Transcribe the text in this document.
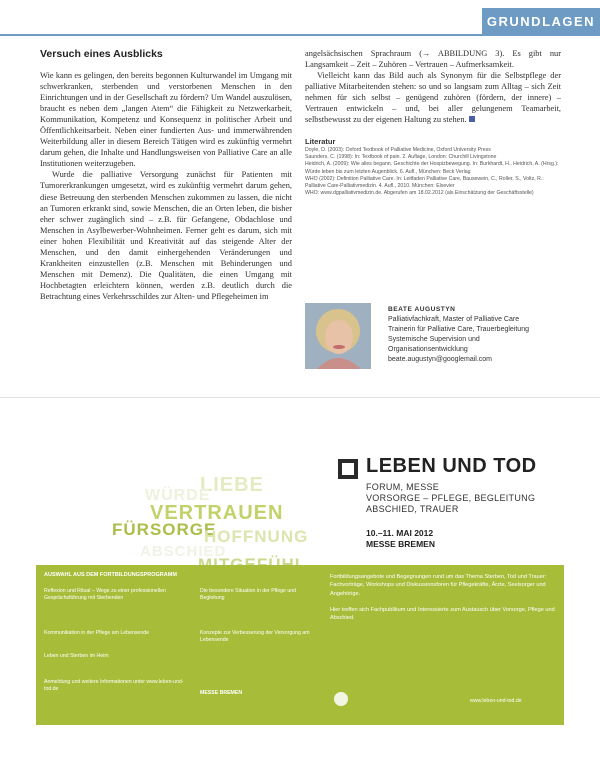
GRUNDLAGEN
Versuch eines Ausblicks

Wie kann es gelingen, den bereits begonnen Kulturwandel im Umgang mit schwerkranken, sterbenden und verstorbenen Menschen in den Einrichtungen und in der Gesellschaft zu fördern? Um Wandel auszulösen, braucht es neben dem „langen Atem“ die Fähigkeit zu Netzwerkarbeit, Kommunikation, Kompetenz und Konsequenz in politischer Arbeit und Öffentlichkeitsarbeit. Neben einer fundierten Aus- und immerwährenden Weiterbildung aller in diesem Bereich Tätigen wird es zukünftig vermehrt darum gehen, die Inhalte und Handlungsweisen von Palliative Care an alle Institutionen weiterzugeben.

Wurde die palliative Versorgung zunächst für Patienten mit Tumorerkrankungen umgesetzt, wird es zukünftig vermehrt darum gehen, diese Betreuung den sterbenden Menschen zukommen zu lassen, die nicht an Tumoren erkrankt sind, sowie Menschen, die an Orten leben, die bisher eher schwer zugänglich sind – z.B. für Gefangene, Obdachlose und Menschen in Asylbewerber-Wohnheimen. Ferner geht es darum, sich mit einer hohen Flexibilität und Kreativität auf das steigende Alter der Menschen, und den damit einhergehenden Veränderungen und Krankheiten einzustellen (z.B. Menschen mit Behinderungen und Menschen mit Demenz). Die Qualitäten, die einen Umgang mit Hochbetagten erleichtern können, werden z.B. deutlich durch die Betrachtung eines Verkehrsschildes zur Alten- und Pflegeheimen im

angelsächsischen Sprachraum (→ ABBILDUNG 3). Es gibt nur Langsamkeit – Zeit – Zuhören – Vertrauen – Aufmerksamkeit.

Vielleicht kann das Bild auch als Synonym für die Selbstpflege der palliative Mitarbeitenden stehen: so und so langsam zum Alltag – sich Zeit nehmen für sich selbst – genügend zuhören (fördern, der innere) – Vertrauen entwickeln – und, bei aller gelungenem Teamarbeit, selbstbewusst zu der eigenen Haltung zu stehen.

Literatur
Doyle, D. (2003): Oxford Textbook of Palliative Medicine, Oxford University Press
Saunders, C. (1998): In: Textbook of pain. 2. Auflage, London: Churchill Livingstone
Heidrich, A. (2009): Wie alles begann. Geschichte der Hospizbewegung. In: Burkhardt, H., Heidrich, A. (Hrsg.): Würde leben bis zum letzten Augenblick. 6. Aufl., München: Beck Verlag
WHO (2002): Definition Palliative Care. In: Leitfaden Palliative Care, Bausewein, C., Roller, S., Voltz, R.: Palliative Care-Palliativmedizin. 4. Aufl., 2010. München: Elsevier
WHO: www.dgpalliativmedizin.de. Abgerufen am 18.02.2012 (als Einschätzung der Geschäftsstelle)
BEATE AUGUSTYN
Palliativfachkraft, Master of Palliative Care
Trainerin für Palliative Care, Trauerbegleitung
Systemische Supervision und
Organisationsentwicklung
beate.augustyn@googlemail.com
LEBEN UND TOD
FORUM, MESSE
VORSORGE – PFLEGE, BEGLEITUNG
ABSCHIED, TRAUER
10.–11. MAI 2012
MESSE BREMEN
LIEBE
WÜRDE
VERTRAUEN
FÜRSORGE
HOFFNUNG
ABSCHIED
AUSWAHL AUS DEM FORTBILDUNGSPROGRAMM
Reflexion und Ritual – Wege zu einer professionellen Gesprächsführung mit Sterbenden
Kommunikation in der Pflege am Lebensende
Leben und Sterben im Heim
Anmeldung und weitere Informationen unter www.leben-und-tod.de
Die besondere Situation in der Pflege und Begleitung
Konzepte zur Verbesserung der Versorgung am Lebensende
MESSE BREMEN
Fortbildungsangebote und Begegnungen rund um das Thema Sterben, Tod und Trauer: Fachvorträge, Workshops und Diskussionsforen für Pflegekräfte, Ärzte, Seelsorger und Angehörige.
Hier treffen sich Fachpublikum und Interessierte zum Austausch über Vorsorge, Pflege und Abschied.
www.leben-und-tod.de
